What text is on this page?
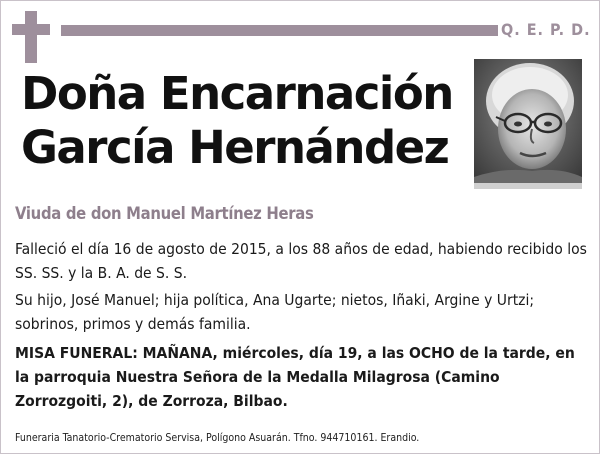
Q. E. P. D.
Doña Encarnación
García Hernández
Viuda de don Manuel Martínez Heras
Falleció el día 16 de agosto de 2015, a los 88 años de edad, habiendo recibido los SS. SS. y la B. A. de S. S.
Su hijo, José Manuel; hija política, Ana Ugarte; nietos, Iñaki, Argine y Urtzi; sobrinos, primos y demás familia.
MISA FUNERAL: MAÑANA, miércoles, día 19, a las OCHO de la tarde, en la parroquia Nuestra Señora de la Medalla Milagrosa (Camino Zorrozgoiti, 2), de Zorroza, Bilbao.
Funeraria Tanatorio-Crematorio Servisa, Polígono Asuarán. Tfno. 944710161. Erandio.
